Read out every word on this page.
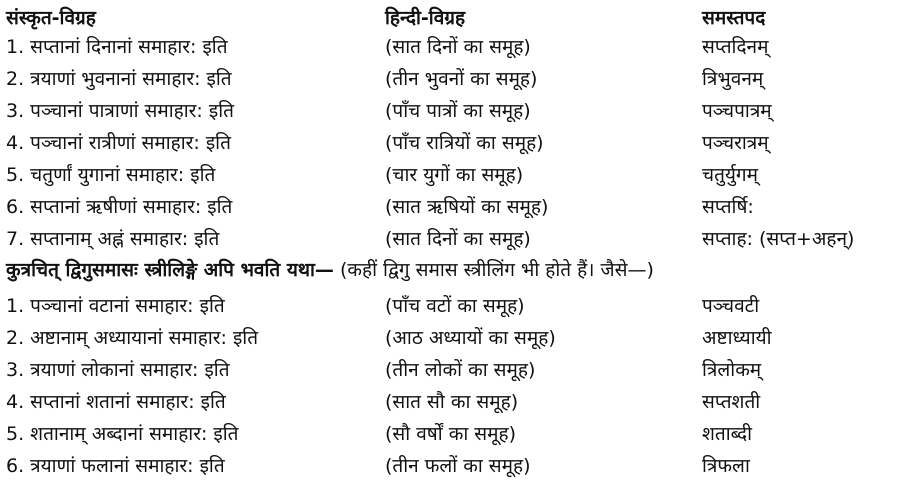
संस्कृत-विग्रह	हिन्दी-विग्रह	समस्तपद
1. सप्तानां दिनानां समाहार: इति	(सात दिनों का समूह)	सप्तदिनम्
2. त्रयाणां भुवनानां समाहार: इति	(तीन भुवनों का समूह)	त्रिभुवनम्
3. पञ्चानां पात्राणां समाहार: इति	(पाँच पात्रों का समूह)	पञ्चपात्रम्
4. पञ्चानां रात्रीणां समाहार: इति	(पाँच रात्रियों का समूह)	पञ्चरात्रम्
5. चतुर्णां युगानां समाहार: इति	(चार युगों का समूह)	चतुर्युगम्
6. सप्तानां ऋषीणां समाहार: इति	(सात ऋषियों का समूह)	सप्तर्षि:
7. सप्तानाम् अह्नं समाहार: इति	(सात दिनों का समूह)	सप्ताह: (सप्त+अहन्)
कुत्रचित् द्विगुसमासः स्त्रीलिङ्गे अपि भवति यथा— (कहीं द्विगु समास स्त्रीलिंग भी होते हैं। जैसे—)
1. पञ्चानां वटानां समाहार: इति	(पाँच वटों का समूह)	पञ्चवटी
2. अष्टानाम् अध्यायानां समाहार: इति	(आठ अध्यायों का समूह)	अष्टाध्यायी
3. त्रयाणां लोकानां समाहार: इति	(तीन लोकों का समूह)	त्रिलोकम्
4. सप्तानां शतानां समाहार: इति	(सात सौ का समूह)	सप्तशती
5. शतानाम् अब्दानां समाहार: इति	(सौ वर्षों का समूह)	शताब्दी
6. त्रयाणां फलानां समाहार: इति	(तीन फलों का समूह)	त्रिफला
